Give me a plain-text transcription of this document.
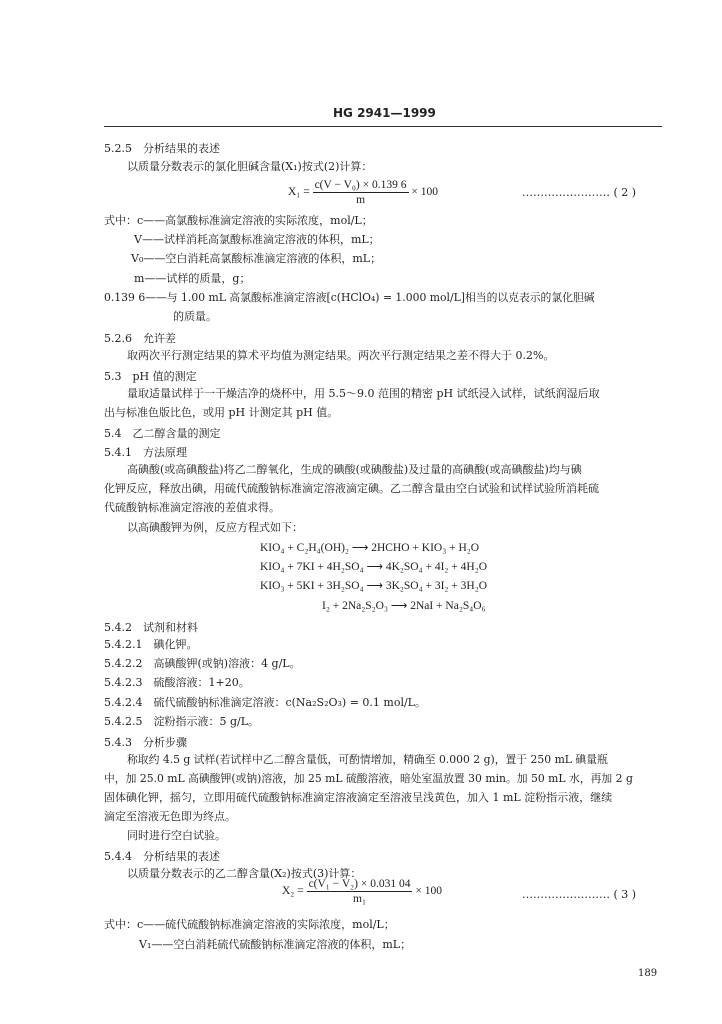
HG 2941—1999
5.2.5　分析结果的表述
以质量分数表示的氯化胆碱含量(X₁)按式(2)计算：
$X_1 = \frac{\text{c(V − V₀) × 0.139 6}}{m} \times 100$	…………………… ( 2 )
式中：c——高氯酸标准滴定溶液的实际浓度，mol/L；
V——试样消耗高氯酸标准滴定溶液的体积，mL；
V₀——空白消耗高氯酸标准滴定溶液的体积，mL；
m——试样的质量，g；
0.139 6——与 1.00 mL 高氯酸标准滴定溶液[c(HClO₄) = 1.000 mol/L]相当的以克表示的氯化胆碱
的质量。
5.2.6　允许差
取两次平行测定结果的算术平均值为测定结果。两次平行测定结果之差不得大于 0.2%。
5.3　pH 值的测定
量取适量试样于一干燥洁净的烧杯中，用 5.5～9.0 范围的精密 pH 试纸浸入试样，试纸润湿后取
出与标准色版比色，或用 pH 计测定其 pH 值。
5.4　乙二醇含量的测定
5.4.1　方法原理
高碘酸(或高碘酸盐)将乙二醇氧化，生成的碘酸(或碘酸盐)及过量的高碘酸(或高碘酸盐)均与碘
化钾反应，释放出碘，用硫代硫酸钠标准滴定溶液滴定碘。乙二醇含量由空白试验和试样试验所消耗硫
代硫酸钠标准滴定溶液的差值求得。
以高碘酸钾为例，反应方程式如下：
KIO₄ + C₂H₄(OH)₂ ⟶ 2HCHO + KIO₃ + H₂O
KIO₄ + 7KI + 4H₂SO₄ ⟶ 4K₂SO₄ + 4I₂ + 4H₂O
KIO₃ + 5KI + 3H₂SO₄ ⟶ 3K₂SO₄ + 3I₂ + 3H₂O
I₂ + 2Na₂S₂O₃ ⟶ 2NaI + Na₂S₄O₆
5.4.2　试剂和材料
5.4.2.1　碘化钾。
5.4.2.2　高碘酸钾(或钠)溶液：4 g/L。
5.4.2.3　硫酸溶液：1+20。
5.4.2.4　硫代硫酸钠标准滴定溶液：c(Na₂S₂O₃) = 0.1 mol/L。
5.4.2.5　淀粉指示液：5 g/L。
5.4.3　分析步骤
称取约 4.5 g 试样(若试样中乙二醇含量低，可酌情增加，精确至 0.000 2 g)，置于 250 mL 碘量瓶
中，加 25.0 mL 高碘酸钾(或钠)溶液，加 25 mL 硫酸溶液，暗处室温放置 30 min。加 50 mL 水，再加 2 g
固体碘化钾，摇匀，立即用硫代硫酸钠标准滴定溶液滴定至溶液呈浅黄色，加入 1 mL 淀粉指示液，继续
滴定至溶液无色即为终点。
同时进行空白试验。
5.4.4　分析结果的表述
以质量分数表示的乙二醇含量(X₂)按式(3)计算：
$X_2 = \frac{\text{c(V₁ − V₂) × 0.031 04}}{\text{m₁}} \times 100$	…………………… ( 3 )
式中：c——硫代硫酸钠标准滴定溶液的实际浓度，mol/L；
V₁——空白消耗硫代硫酸钠标准滴定溶液的体积，mL；
189
